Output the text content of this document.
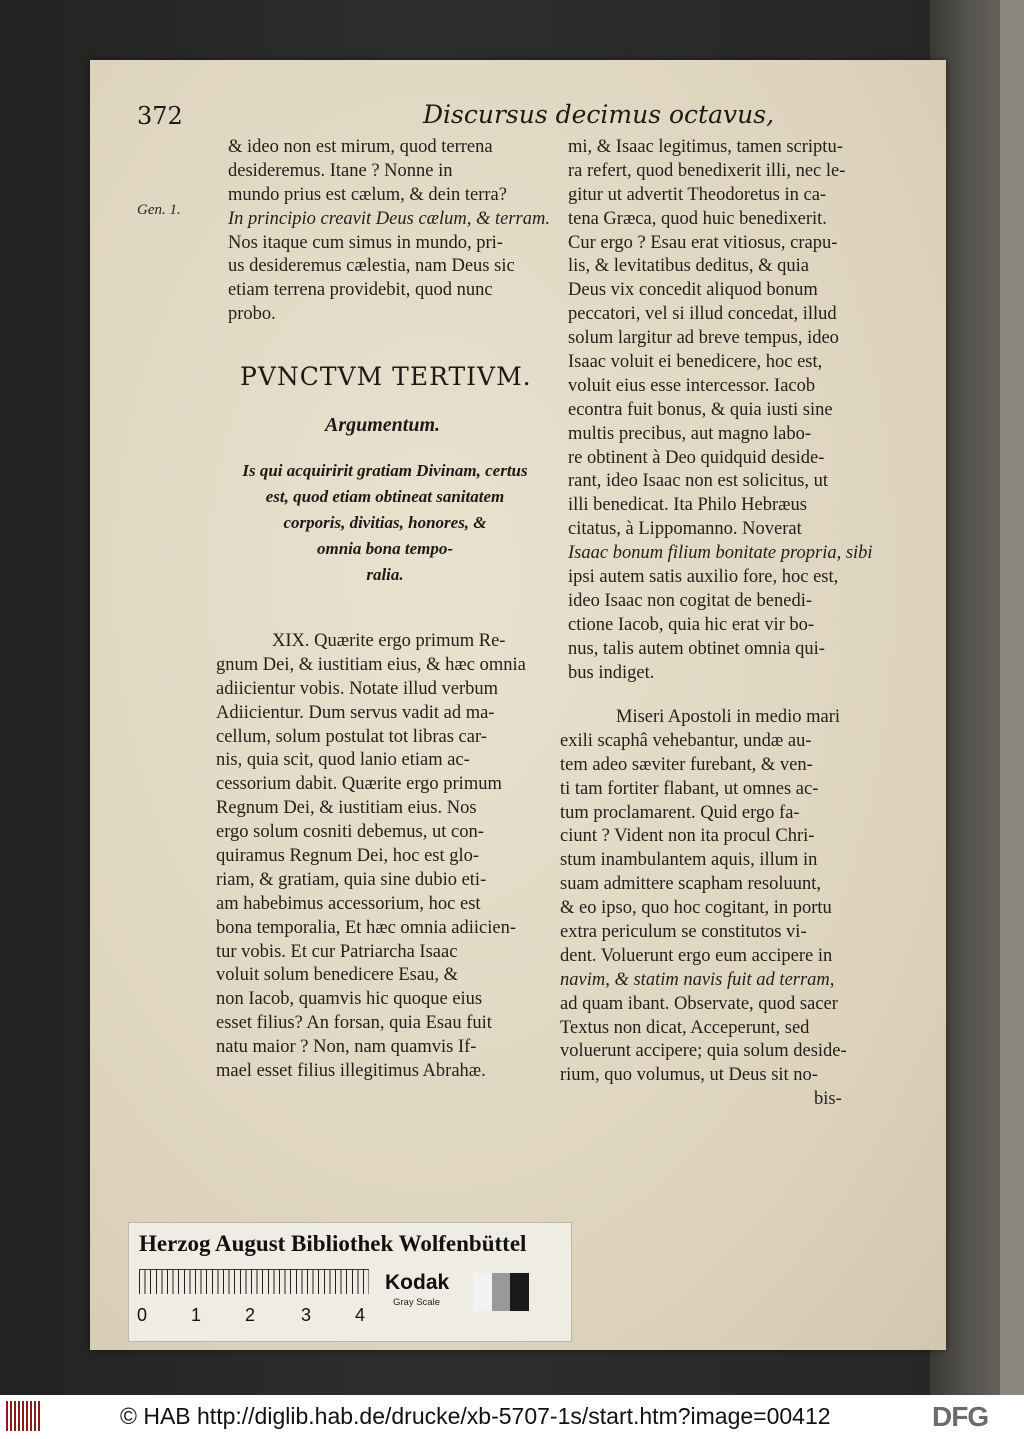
372	Discursus decimus octavus,
Gen. 1.
& ideo non est mirum, quod terrena
desideremus. Itane ? Nonne in
mundo prius est cælum, & dein terra?
In principio creavit Deus cælum, & terram.
Nos itaque cum simus in mundo, pri-
us desideremus cælestia, nam Deus sic
etiam terrena providebit, quod nunc
probo.
PVNCTVM TERTIVM.
Argumentum.
Is qui acquiririt gratiam Divinam, certus
est, quod etiam obtineat sanitatem
corporis, divitias, honores, &
omnia bona tempo-
ralia.
XIX. Quærite ergo primum Re-
gnum Dei, & iustitiam eius, & hæc omnia
adiicientur vobis. Notate illud verbum
Adiicientur. Dum servus vadit ad ma-
cellum, solum postulat tot libras car-
nis, quia scit, quod lanio etiam ac-
cessorium dabit. Quærite ergo primum
Regnum Dei, & iustitiam eius. Nos
ergo solum cosniti debemus, ut con-
quiramus Regnum Dei, hoc est glo-
riam, & gratiam, quia sine dubio eti-
am habebimus accessorium, hoc est
bona temporalia, Et hæc omnia adiicien-
tur vobis. Et cur Patriarcha Isaac
voluit solum benedicere Esau, &
non Iacob, quamvis hic quoque eius
esset filius? An forsan, quia Esau fuit
natu maior ? Non, nam quamvis If-
mael esset filius illegitimus Abrahæ.
mi, & Isaac legitimus, tamen scriptu-
ra refert, quod benedixerit illi, nec le-
gitur ut advertit Theodoretus in ca-
tena Græca, quod huic benedixerit.
Cur ergo ? Esau erat vitiosus, crapu-
lis, & levitatibus deditus, & quia
Deus vix concedit aliquod bonum
peccatori, vel si illud concedat, illud
solum largitur ad breve tempus, ideo
Isaac voluit ei benedicere, hoc est,
voluit eius esse intercessor. Iacob
econtra fuit bonus, & quia iusti sine
multis precibus, aut magno labo-
re obtinent à Deo quidquid deside-
rant, ideo Isaac non est solicitus, ut
illi benedicat. Ita Philo Hebræus
citatus, à Lippomanno. Noverat
Isaac bonum filium bonitate propria, sibi
ipsi autem satis auxilio fore, hoc est,
ideo Isaac non cogitat de benedi-
ctione Iacob, quia hic erat vir bo-
nus, talis autem obtinet omnia qui-
bus indiget.
Miseri Apostoli in medio mari
exili scaphâ vehebantur, undæ au-
tem adeo sæviter furebant, & ven-
ti tam fortiter flabant, ut omnes ac-
tum proclamarent. Quid ergo fa-
ciunt ? Vident non ita procul Chri-
stum inambulantem aquis, illum in
suam admittere scapham resoluunt,
& eo ipso, quo hoc cogitant, in portu
extra periculum se constitutos vi-
dent. Voluerunt ergo eum accipere in
navim, & statim navis fuit ad terram,
ad quam ibant. Observate, quod sacer
Textus non dicat, Acceperunt, sed
voluerunt accipere; quia solum deside-
rium, quo volumus, ut Deus sit no-
bis-
Herzog August Bibliothek Wolfenbüttel
0 1 2	3 4
Kodak
Gray Scale
© HAB http://diglib.hab.de/drucke/xb-5707-1s/start.htm?image=00412	DFG
